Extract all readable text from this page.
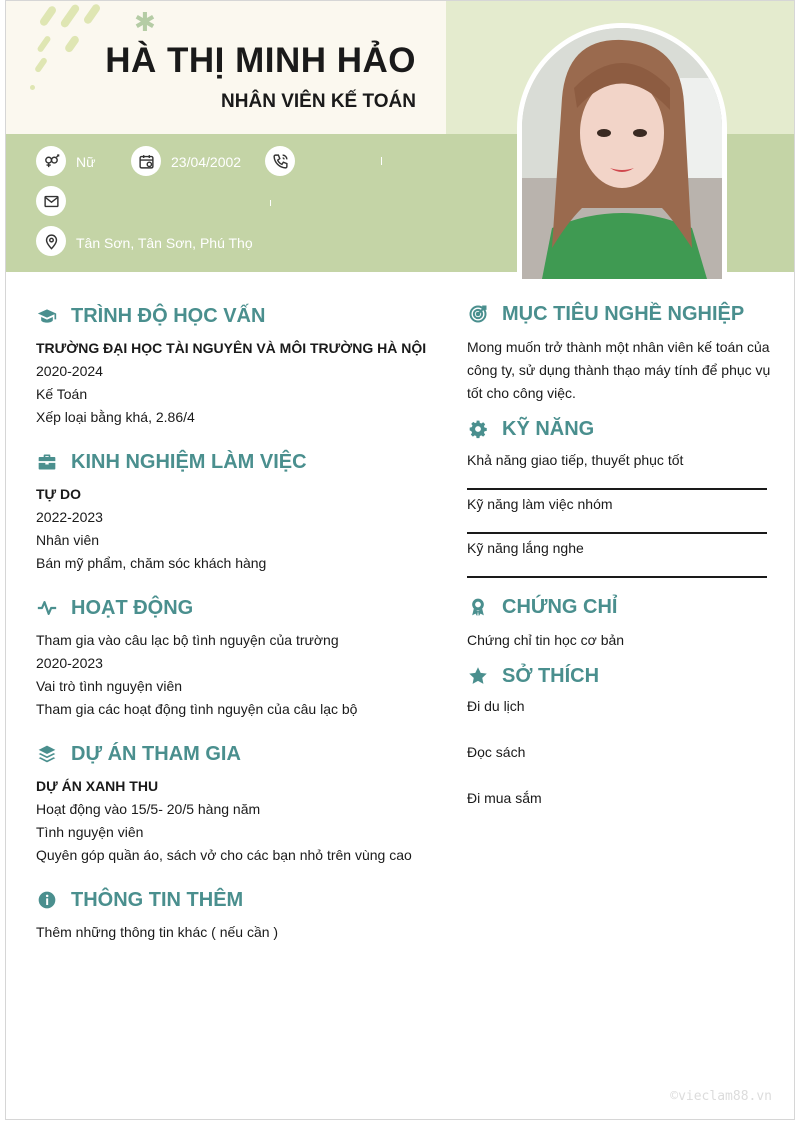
✱
HÀ THỊ MINH HẢO
NHÂN VIÊN KẾ TOÁN
Nữ	23/04/2002
Tân Sơn, Tân Sơn, Phú Thọ
TRÌNH ĐỘ HỌC VẤN
TRƯỜNG ĐẠI HỌC TÀI NGUYÊN VÀ MÔI TRƯỜNG HÀ NỘI
2020-2024
Kế Toán
Xếp loại bằng khá, 2.86/4
KINH NGHIỆM LÀM VIỆC
TỰ DO
2022-2023
Nhân viên
Bán mỹ phẩm, chăm sóc khách hàng
HOẠT ĐỘNG
Tham gia vào câu lạc bộ tình nguyện của trường
2020-2023
Vai trò tình nguyện viên
Tham gia các hoạt động tình nguyện của câu lạc bộ
DỰ ÁN THAM GIA
DỰ ÁN XANH THU
Hoạt động vào 15/5- 20/5 hàng năm
Tình nguyện viên
Quyên góp quần áo, sách vở cho các bạn nhỏ trên vùng cao
THÔNG TIN THÊM
Thêm những thông tin khác ( nếu cần )
MỤC TIÊU NGHỀ NGHIỆP
Mong muốn trở thành một nhân viên kế toán của công ty, sử dụng thành thạo máy tính để phục vụ tốt cho công việc.
KỸ NĂNG
Khả năng giao tiếp, thuyết phục tốt
Kỹ năng làm việc nhóm
Kỹ năng lắng nghe
CHỨNG CHỈ
Chứng chỉ tin học cơ bản
SỞ THÍCH
Đi du lịch
Đọc sách
Đi mua sắm
©vieclam88.vn
